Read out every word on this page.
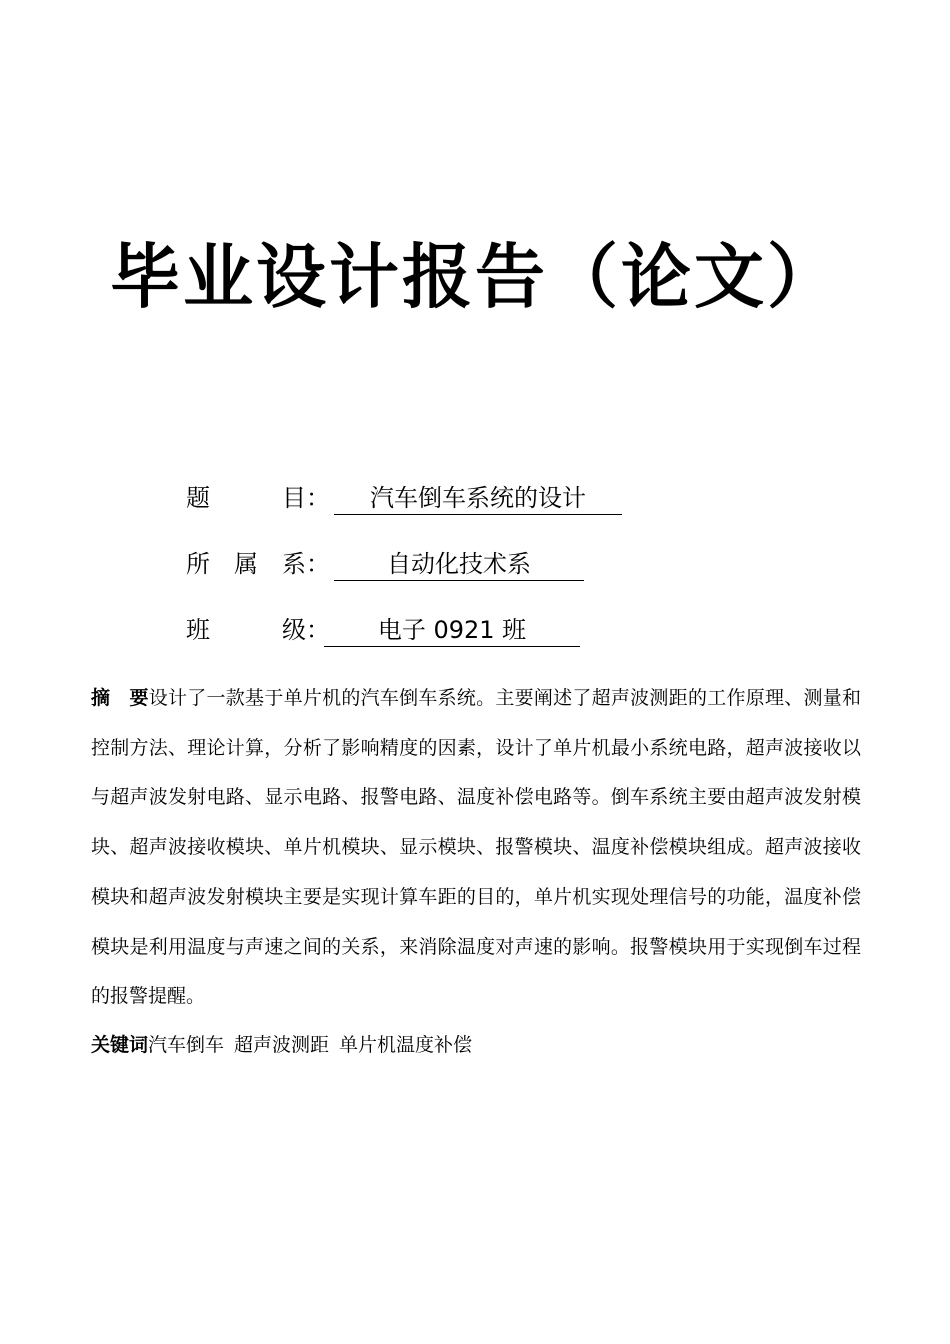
毕业设计报告（论文）
题　　　目：	汽车倒车系统的设计
所　属　系：	自动化技术系
班　　　级：	电子 0921 班
摘　要设计了一款基于单片机的汽车倒车系统。主要阐述了超声波测距的工作原理、测量和控制方法、理论计算，分析了影响精度的因素，设计了单片机最小系统电路，超声波接收以与超声波发射电路、显示电路、报警电路、温度补偿电路等。倒车系统主要由超声波发射模块、超声波接收模块、单片机模块、显示模块、报警模块、温度补偿模块组成。超声波接收模块和超声波发射模块主要是实现计算车距的目的，单片机实现处理信号的功能，温度补偿模块是利用温度与声速之间的关系，来消除温度对声速的影响。报警模块用于实现倒车过程的报警提醒。
关键词汽车倒车 超声波测距 单片机温度补偿
